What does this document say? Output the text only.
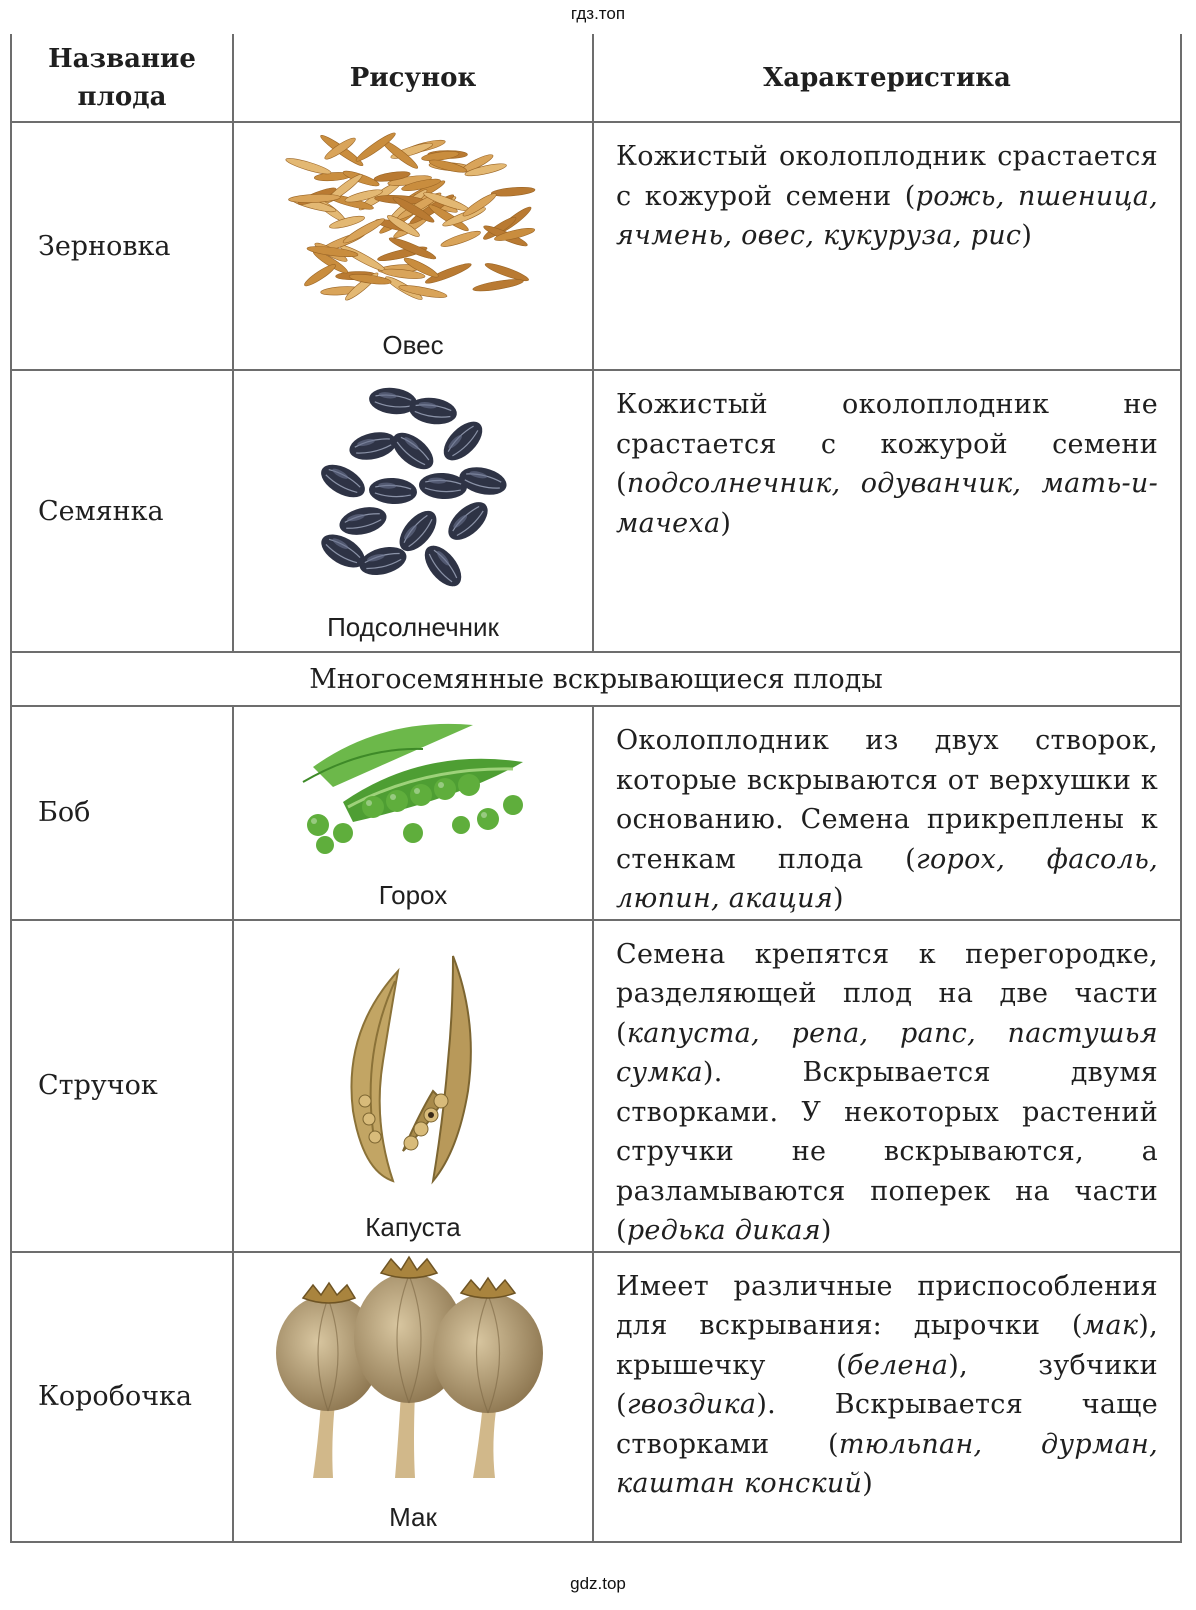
гдз.топ
Название плода	Рисунок	Характеристика
Зерновка	Овес	Кожистый околоплодник срастается с кожурой семени (рожь, пшеница, ячмень, овес, кукуруза, рис)
Семянка	Подсолнечник	Кожистый околоплодник не срастается с кожурой семени (подсолнечник, одуванчик, мать-и-мачеха)
Многосемянные вскрывающиеся плоды		
Боб	Горох	Околоплодник из двух створок, которые вскрываются от верхушки к основанию. Семена прикреплены к стенкам плода (горох, фасоль, люпин, акация)
Стручок	Капуста	Семена крепятся к перегородке, разделяющей плод на две части (капуста, репа, рапс, пастушья сумка). Вскрывается двумя створками. У некоторых растений стручки не вскрываются, а разламываются поперек на части (редька дикая)
Коробочка	Мак	Имеет различные приспособления для вскрывания: дырочки (мак), крышечку (белена), зубчики (гвоздика). Вскрывается чаще створками (тюльпан, дурман, каштан конский)
gdz.top
